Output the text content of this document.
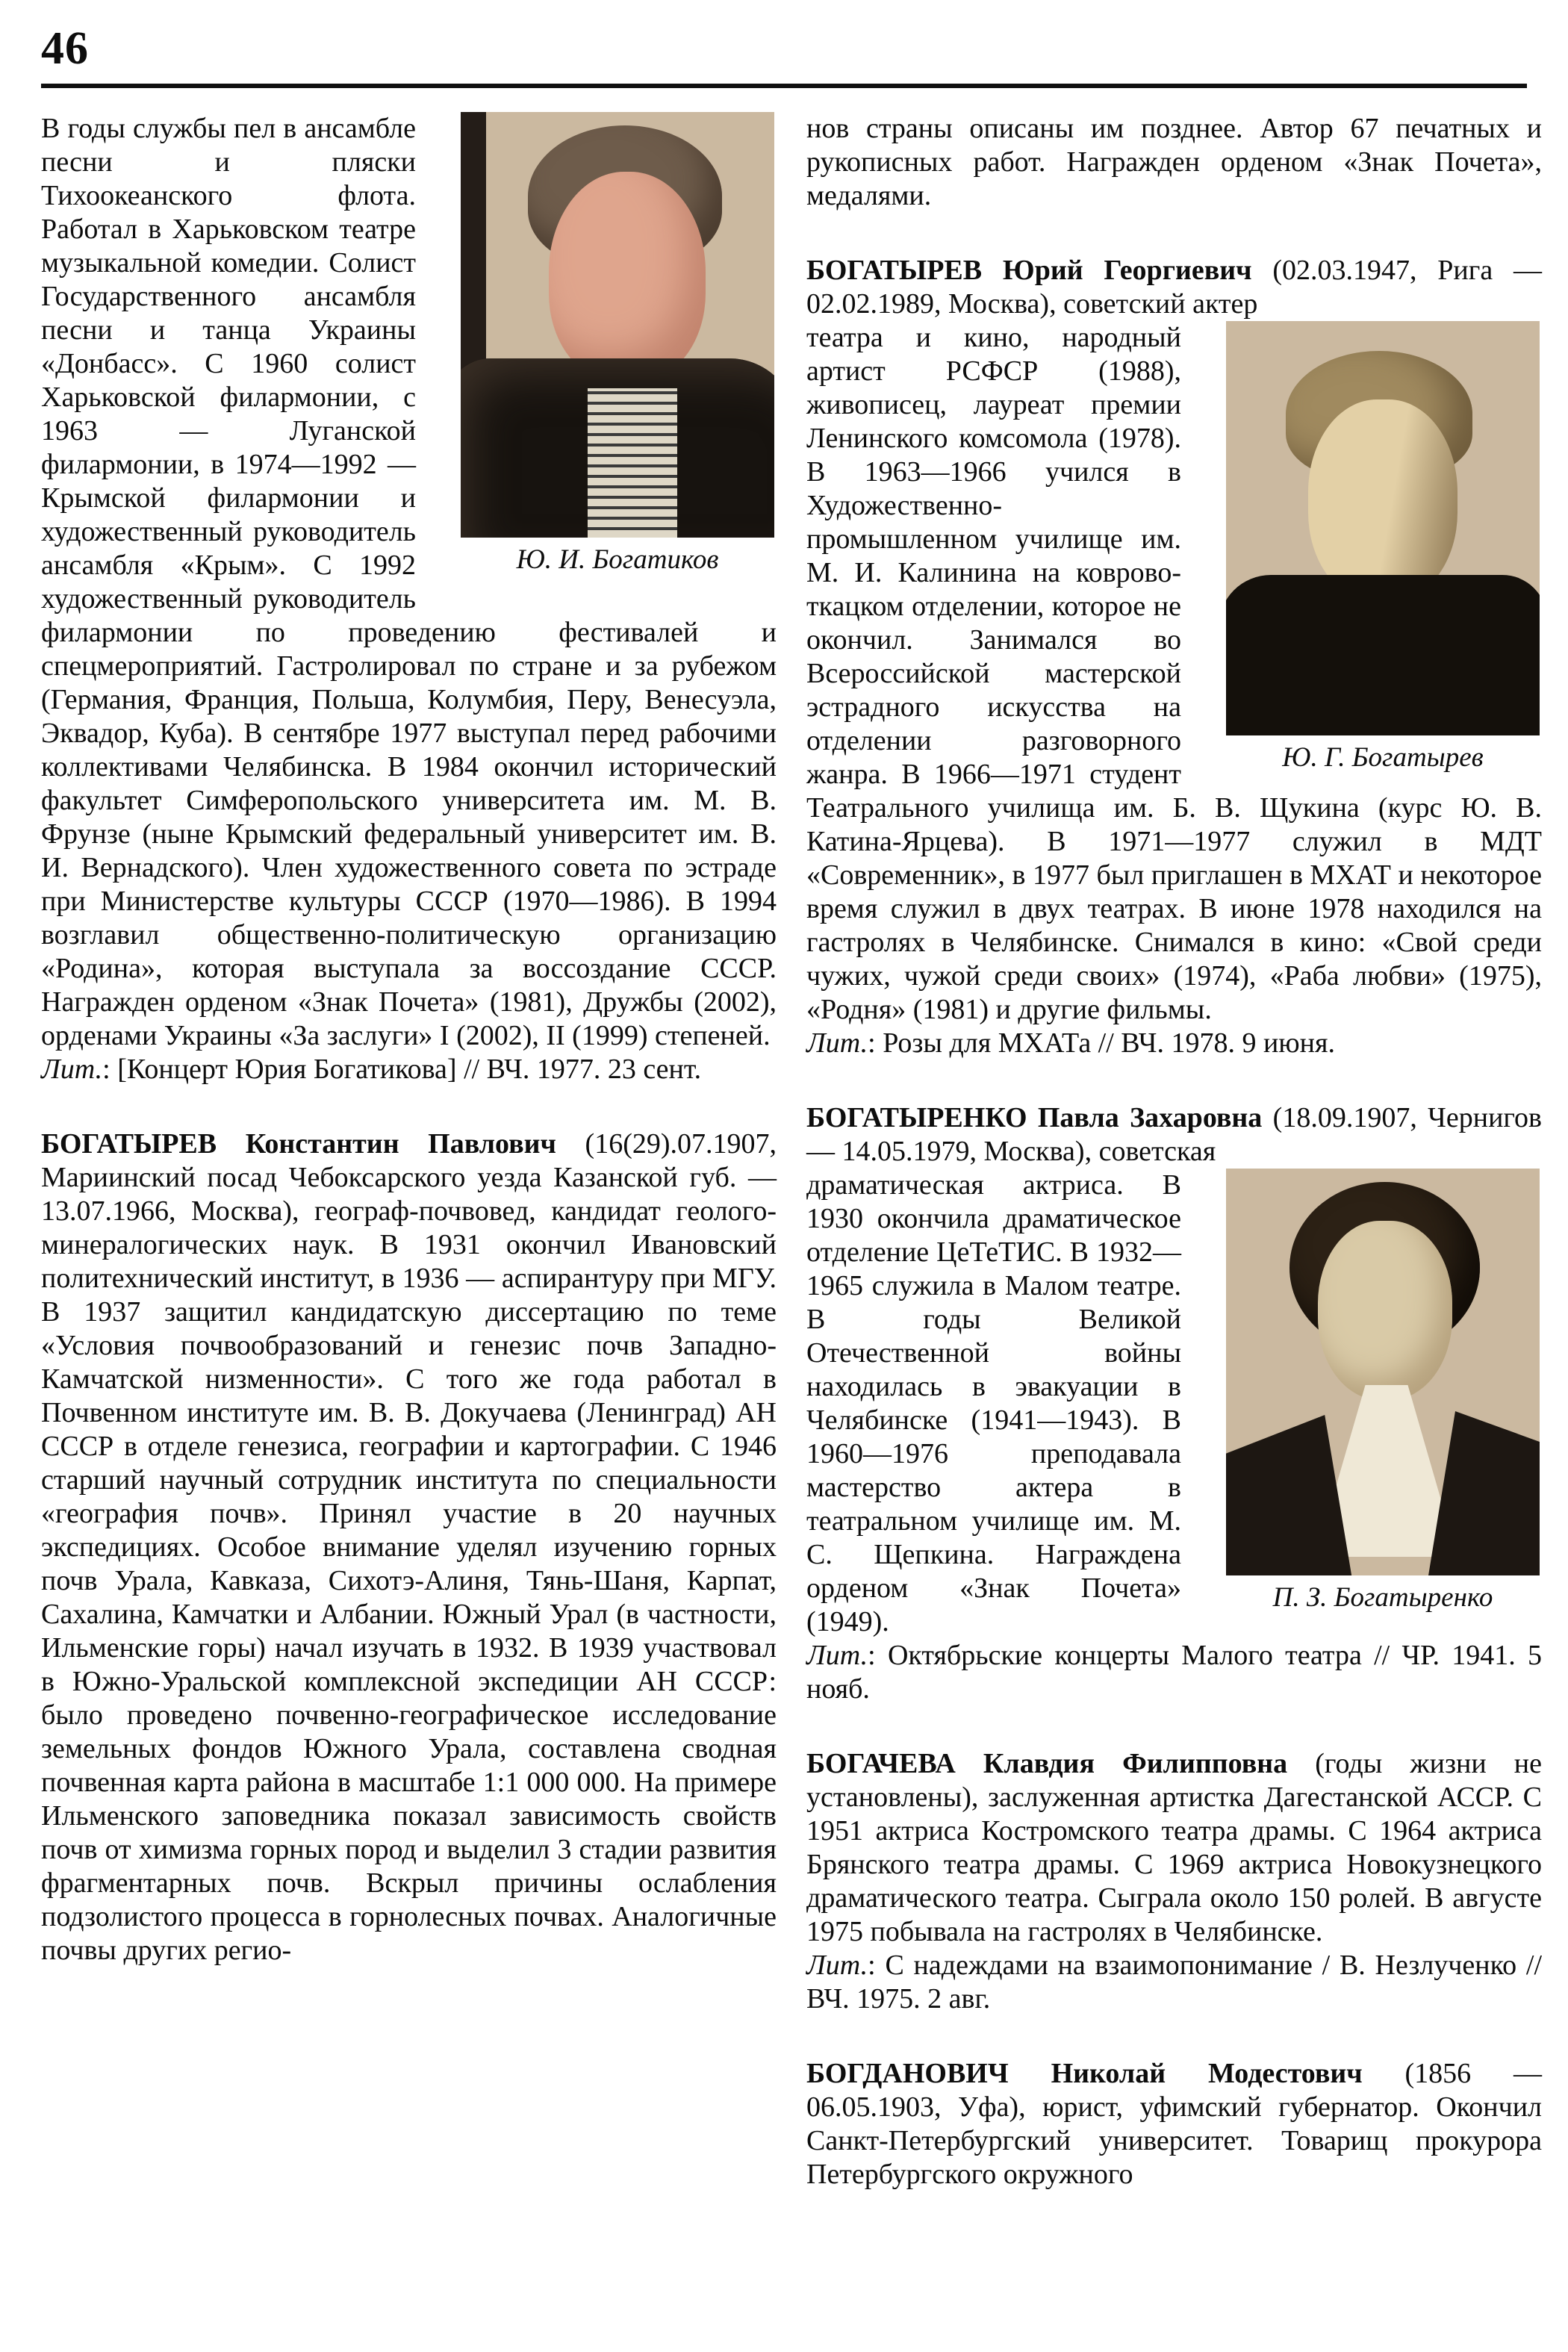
46
Ю. И. Богатиков

В годы службы пел в ансамбле песни и пляски Тихоокеанского флота. Работал в Харьковском театре музыкальной комедии. Солист Государственного ансамбля песни и танца Украины «Донбасс». С 1960 солист Харьковской филармонии, с 1963 — Луганской филармонии, в 1974—1992 — Крымской филармонии и художественный руководитель ансамбля «Крым». С 1992 художественный руководитель филармонии по проведению фестивалей и спецмероприятий. Гастролировал по стране и за рубежом (Германия, Франция, Польша, Колумбия, Перу, Венесуэла, Эквадор, Куба). В сентябре 1977 выступал перед рабочими коллективами Челябинска. В 1984 окончил исторический факультет Симферопольского университета им. М. В. Фрунзе (ныне Крымский федеральный университет им. В. И. Вернадского). Член художественного совета по эстраде при Министерстве культуры СССР (1970—1986). В 1994 возглавил общественно-политическую организацию «Родина», которая выступала за воссоздание СССР. Награжден орденом «Знак Почета» (1981), Дружбы (2002), орденами Украины «За заслуги» I (2002), II (1999) степеней.

Лит.: [Концерт Юрия Богатикова] // ВЧ. 1977. 23 сент.

БОГАТЫРЕВ Константин Павлович (16(29).07.1907, Мариинский посад Чебоксарского уезда Казанской губ. — 13.07.1966, Москва), географ-почвовед, кандидат геолого-минералогических наук. В 1931 окончил Ивановский политехнический институт, в 1936 — аспирантуру при МГУ. В 1937 защитил кандидатскую диссертацию по теме «Условия почвообразований и генезис почв Западно-Камчатской низменности». С того же года работал в Почвенном институте им. В. В. Докучаева (Ленинград) АН СССР в отделе генезиса, географии и картографии. С 1946 старший научный сотрудник института по специальности «география почв». Принял участие в 20 научных экспедициях. Особое внимание уделял изучению горных почв Урала, Кавказа, Сихотэ-Алиня, Тянь-Шаня, Карпат, Сахалина, Камчатки и Албании. Южный Урал (в частности, Ильменские горы) начал изучать в 1932. В 1939 участвовал в Южно-Уральской комплексной экспедиции АН СССР: было проведено почвенно-географическое исследование земельных фондов Южного Урала, составлена сводная почвенная карта района в масштабе 1:1 000 000. На примере Ильменского заповедника показал зависимость свойств почв от химизма горных пород и выделил 3 стадии развития фрагментарных почв. Вскрыл причины ослабления подзолистого процесса в горнолесных почвах. Аналогичные почвы других регио-

нов страны описаны им позднее. Автор 67 печатных и рукописных работ. Награжден орденом «Знак Почета», медалями.

БОГАТЫРЕВ Юрий Георгиевич (02.03.1947, Рига — 02.02.1989, Москва), советский актер

Ю. Г. Богатырев

театра и кино, народный артист РСФСР (1988), живописец, лауреат премии Ленинского комсомола (1978). В 1963—1966 учился в Художественно-промышленном училище им. М. И. Калинина на коврово-ткацком отделении, которое не окончил. Занимался во Всероссийской мастерской эстрадного искусства на отделении разговорного жанра. В 1966—1971 студент Театрального училища им. Б. В. Щукина (курс Ю. В. Катина-Ярцева). В 1971—1977 служил в МДТ «Современник», в 1977 был приглашен в МХАТ и некоторое время служил в двух театрах. В июне 1978 находился на гастролях в Челябинске. Снимался в кино: «Свой среди чужих, чужой среди своих» (1974), «Раба любви» (1975), «Родня» (1981) и другие фильмы.

Лит.: Розы для МХАТа // ВЧ. 1978. 9 июня.

БОГАТЫРЕНКО Павла Захаровна (18.09.1907, Чернигов — 14.05.1979, Москва), советская

П. З. Богатыренко

драматическая актриса. В 1930 окончила драматическое отделение ЦеТеТИС. В 1932—1965 служила в Малом театре. В годы Великой Отечественной войны находилась в эвакуации в Челябинске (1941—1943). В 1960—1976 преподавала мастерство актера в театральном училище им. М. С. Щепкина. Награждена орденом «Знак Почета» (1949).

Лит.: Октябрьские концерты Малого театра // ЧР. 1941. 5 нояб.

БОГАЧЕВА Клавдия Филипповна (годы жизни не установлены), заслуженная артистка Дагестанской АССР. С 1951 актриса Костромского театра драмы. С 1964 актриса Брянского театра драмы. С 1969 актриса Новокузнецкого драматического театра. Сыграла около 150 ролей. В августе 1975 побывала на гастролях в Челябинске.

Лит.: С надеждами на взаимопонимание / В. Незлученко // ВЧ. 1975. 2 авг.

БОГДАНОВИЧ Николай Модестович (1856 — 06.05.1903, Уфа), юрист, уфимский губернатор. Окончил Санкт-Петербургский университет. Товарищ прокурора Петербургского окружного
